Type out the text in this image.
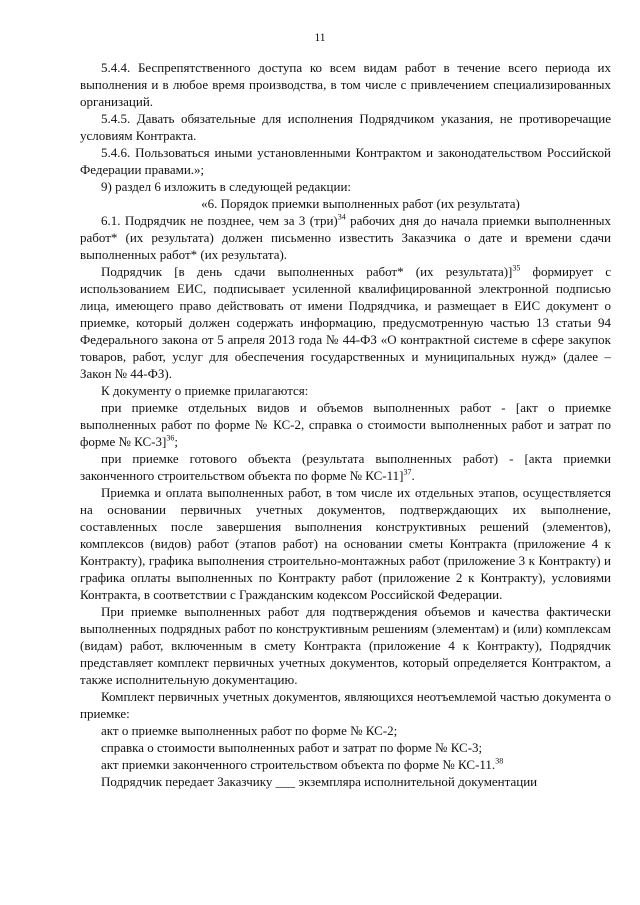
11

5.4.4. Беспрепятственного доступа ко всем видам работ в течение всего периода их выполнения и в любое время производства, в том числе с привлечением специализированных организаций.

5.4.5. Давать обязательные для исполнения Подрядчиком указания, не противоречащие условиям Контракта.

5.4.6. Пользоваться иными установленными Контрактом и законодательством Российской Федерации правами.»;

9) раздел 6 изложить в следующей редакции:

«6. Порядок приемки выполненных работ (их результата)

6.1. Подрядчик не позднее, чем за 3 (три)$^{34}$ рабочих дня до начала приемки выполненных работ* (их результата) должен письменно известить Заказчика о дате и времени сдачи выполненных работ* (их результата).

Подрядчик [в день сдачи выполненных работ* (их результата)]$^{35}$ формирует с использованием ЕИС, подписывает усиленной квалифицированной электронной подписью лица, имеющего право действовать от имени Подрядчика, и размещает в ЕИС документ о приемке, который должен содержать информацию, предусмотренную частью 13 статьи 94 Федерального закона от 5 апреля 2013 года № 44-ФЗ «О контрактной системе в сфере закупок товаров, работ, услуг для обеспечения государственных и муниципальных нужд» (далее – Закон № 44-ФЗ).

К документу о приемке прилагаются:

при приемке отдельных видов и объемов выполненных работ - [акт о приемке выполненных работ по форме № КС-2, справка о стоимости выполненных работ и затрат по форме № КС-3]$^{36}$;

при приемке готового объекта (результата выполненных работ) - [акта приемки законченного строительством объекта по форме № КС-11]$^{37}$.

Приемка и оплата выполненных работ, в том числе их отдельных этапов, осуществляется на основании первичных учетных документов, подтверждающих их выполнение, составленных после завершения выполнения конструктивных решений (элементов), комплексов (видов) работ (этапов работ) на основании сметы Контракта (приложение 4 к Контракту), графика выполнения строительно-монтажных работ (приложение 3 к Контракту) и графика оплаты выполненных по Контракту работ (приложение 2 к Контракту), условиями Контракта, в соответствии с Гражданским кодексом Российской Федерации.

При приемке выполненных работ для подтверждения объемов и качества фактически выполненных подрядных работ по конструктивным решениям (элементам) и (или) комплексам (видам) работ, включенным в смету Контракта (приложение 4 к Контракту), Подрядчик представляет комплект первичных учетных документов, который определяется Контрактом, а также исполнительную документацию.

Комплект первичных учетных документов, являющихся неотъемлемой частью документа о приемке:

акт о приемке выполненных работ по форме № КС-2;

справка о стоимости выполненных работ и затрат по форме № КС-3;

акт приемки законченного строительством объекта по форме № КС-11.38

Подрядчик передает Заказчику ___ экземпляра исполнительной документации
